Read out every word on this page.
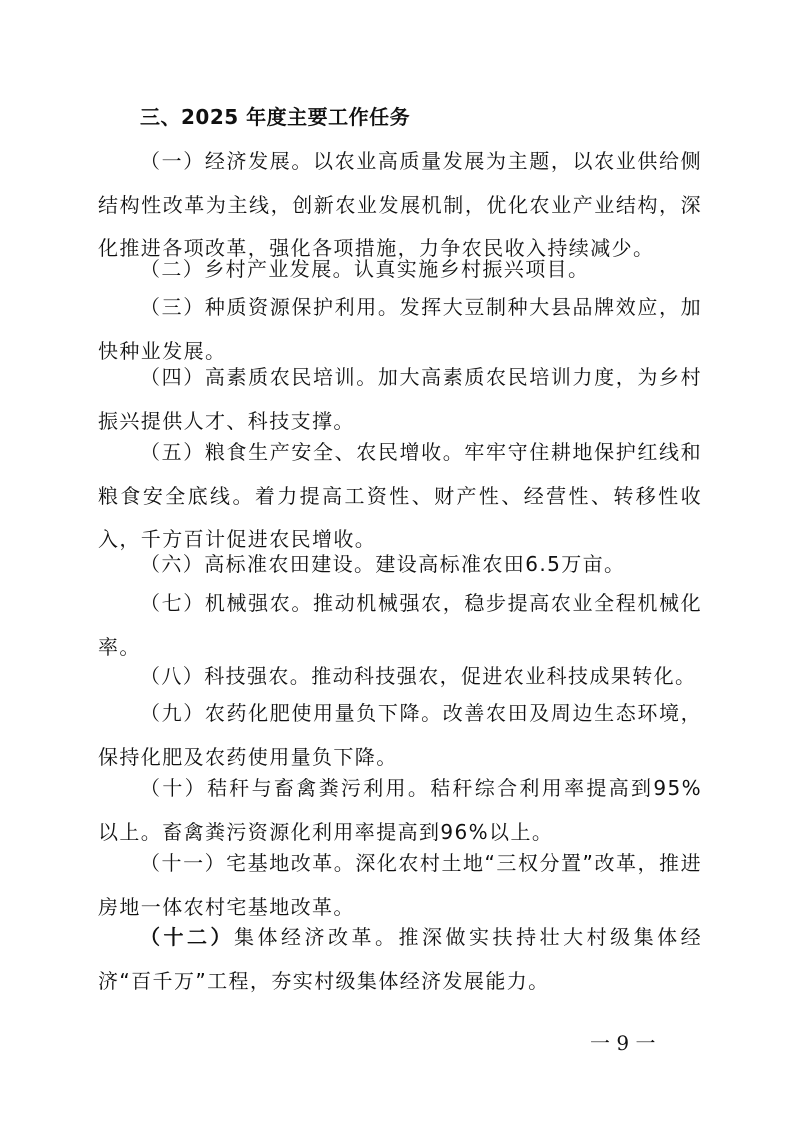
三、2025 年度主要工作任务

（一）经济发展。以农业高质量发展为主题，以农业供给侧结构性改革为主线，创新农业发展机制，优化农业产业结构，深化推进各项改革，强化各项措施，力争农民收入持续减少。

（二）乡村产业发展。认真实施乡村振兴项目。

（三）种质资源保护利用。发挥大豆制种大县品牌效应，加快种业发展。

（四）高素质农民培训。加大高素质农民培训力度，为乡村振兴提供人才、科技支撑。

（五）粮食生产安全、农民增收。牢牢守住耕地保护红线和粮食安全底线。着力提高工资性、财产性、经营性、转移性收入，千方百计促进农民增收。

（六）高标准农田建设。建设高标准农田6.5万亩。

（七）机械强农。推动机械强农，稳步提高农业全程机械化率。

（八）科技强农。推动科技强农，促进农业科技成果转化。

（九）农药化肥使用量负下降。改善农田及周边生态环境，保持化肥及农药使用量负下降。

（十）秸秆与畜禽粪污利用。秸秆综合利用率提高到95%以上。畜禽粪污资源化利用率提高到96%以上。

（十一）宅基地改革。深化农村土地“三权分置”改革，推进房地一体农村宅基地改革。

（十二）集体经济改革。推深做实扶持壮大村级集体经济“百千万”工程，夯实村级集体经济发展能力。

一 9 一
